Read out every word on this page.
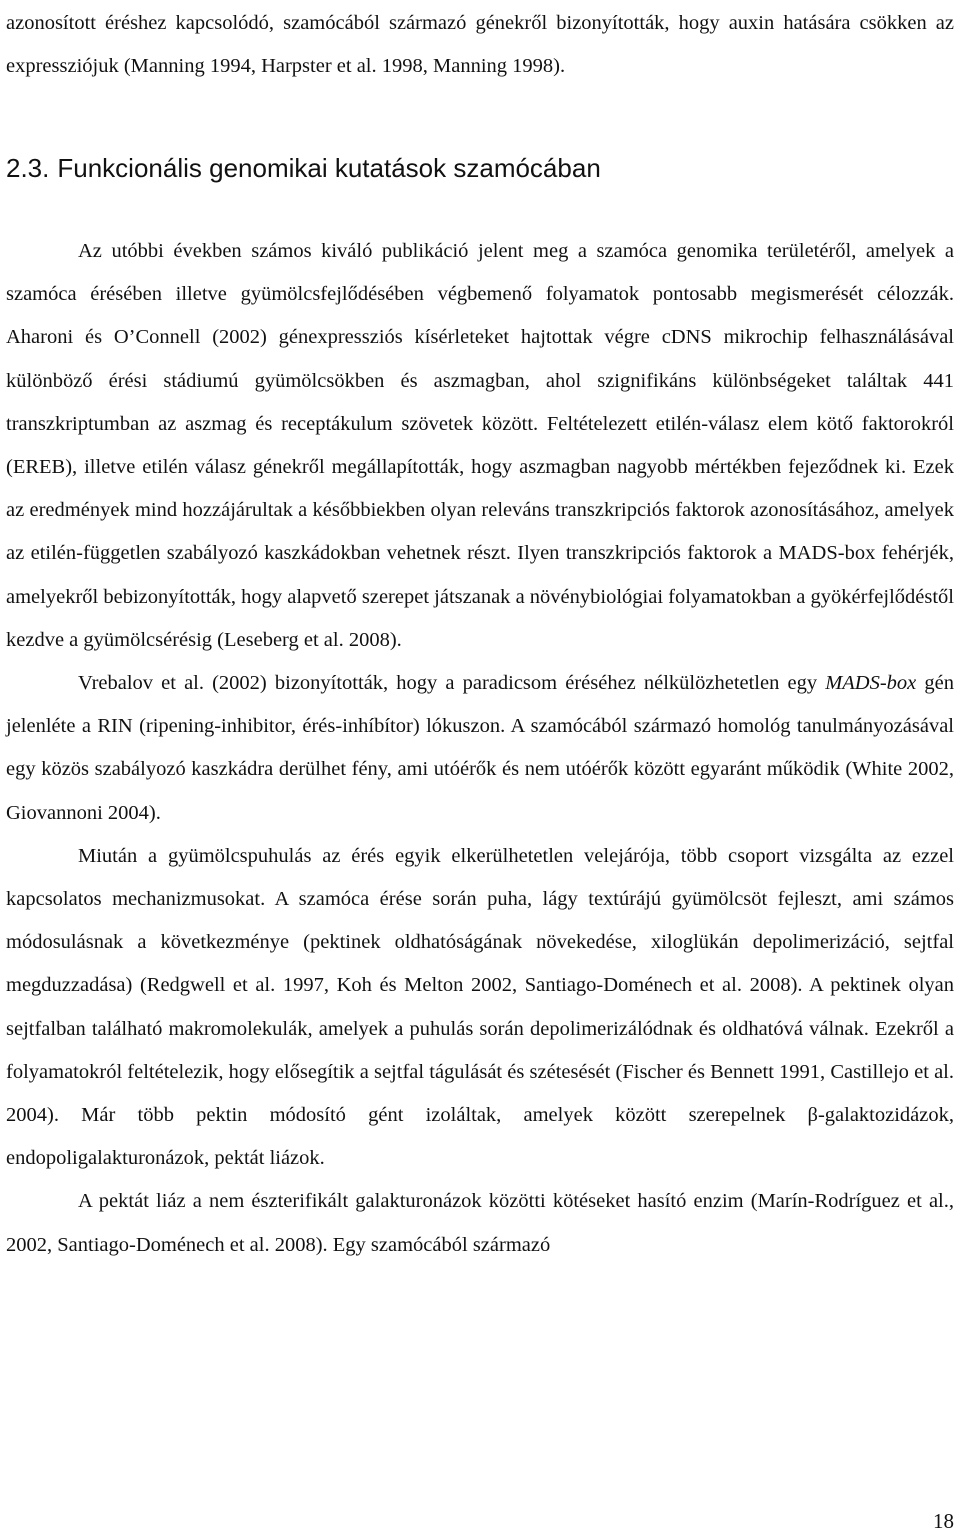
azonosított éréshez kapcsolódó, szamócából származó génekről bizonyították, hogy auxin hatására csökken az expressziójuk (Manning 1994, Harpster et al. 1998, Manning 1998).

2.3. Funkcionális genomikai kutatások szamócában

Az utóbbi években számos kiváló publikáció jelent meg a szamóca genomika területéről, amelyek a szamóca érésében illetve gyümölcsfejlődésében végbemenő folyamatok pontosabb megismerését célozzák. Aharoni és O’Connell (2002) génexpressziós kísérleteket hajtottak végre cDNS mikrochip felhasználásával különböző érési stádiumú gyümölcsökben és aszmagban, ahol szignifikáns különbségeket találtak 441 transzkriptumban az aszmag és receptákulum szövetek között. Feltételezett etilén-válasz elem kötő faktorokról (EREB), illetve etilén válasz génekről megállapították, hogy aszmagban nagyobb mértékben fejeződnek ki. Ezek az eredmények mind hozzájárultak a későbbiekben olyan releváns transzkripciós faktorok azonosításához, amelyek az etilén-független szabályozó kaszkádokban vehetnek részt. Ilyen transzkripciós faktorok a MADS-box fehérjék, amelyekről bebizonyították, hogy alapvető szerepet játszanak a növénybiológiai folyamatokban a gyökérfejlődéstől kezdve a gyümölcsérésig (Leseberg et al. 2008).

Vrebalov et al. (2002) bizonyították, hogy a paradicsom éréséhez nélkülözhetetlen egy MADS-box gén jelenléte a RIN (ripening-inhibitor, érés-inhíbítor) lókuszon. A szamócából származó homológ tanulmányozásával egy közös szabályozó kaszkádra derülhet fény, ami utóérők és nem utóérők között egyaránt működik (White 2002, Giovannoni 2004).

Miután a gyümölcspuhulás az érés egyik elkerülhetetlen velejárója, több csoport vizsgálta az ezzel kapcsolatos mechanizmusokat. A szamóca érése során puha, lágy textúrájú gyümölcsöt fejleszt, ami számos módosulásnak a következménye (pektinek oldhatóságának növekedése, xiloglükán depolimerizáció, sejtfal megduzzadása) (Redgwell et al. 1997, Koh és Melton 2002, Santiago-Doménech et al. 2008). A pektinek olyan sejtfalban található makromolekulák, amelyek a puhulás során depolimerizálódnak és oldhatóvá válnak. Ezekről a folyamatokról feltételezik, hogy elősegítik a sejtfal tágulását és szétesését (Fischer és Bennett 1991, Castillejo et al. 2004). Már több pektin módosító gént izoláltak, amelyek között szerepelnek β-galaktozidázok, endopoligalakturonázok, pektát liázok.

A pektát liáz a nem észterifikált galakturonázok közötti kötéseket hasító enzim (Marín-Rodríguez et al., 2002, Santiago-Doménech et al. 2008). Egy szamócából származó

18
